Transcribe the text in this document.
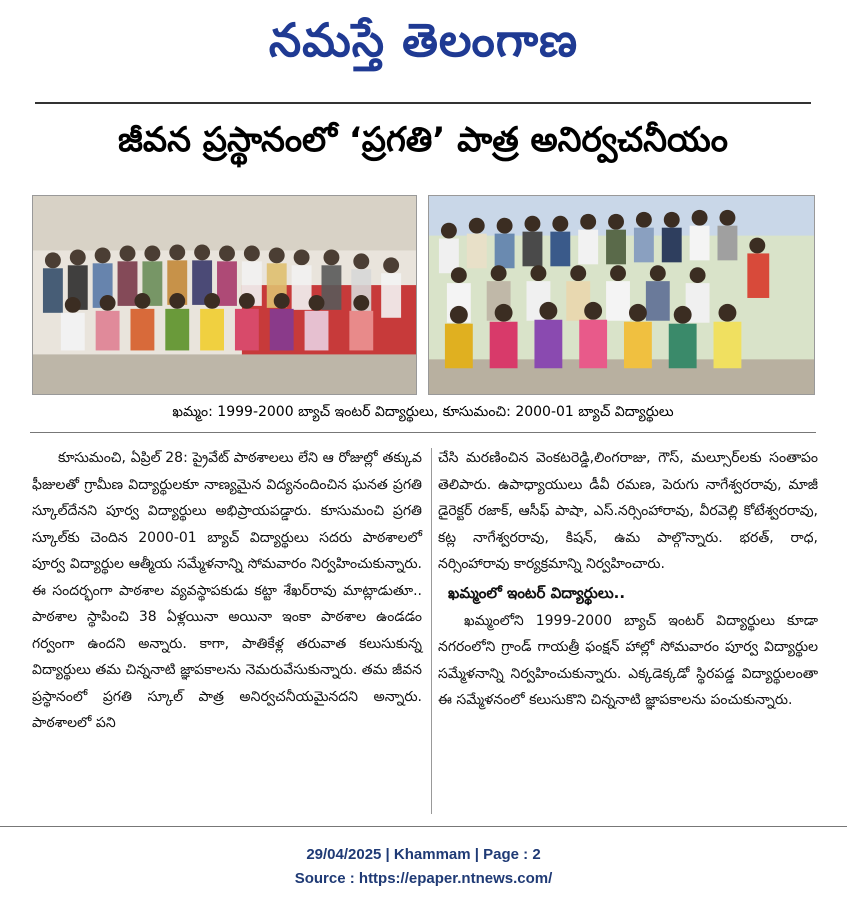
నమస్తే తెలంగాణ
జీవన ప్రస్థానంలో ‘ప్రగతి’ పాత్ర అనిర్వచనీయం
ఖమ్మం: 1999-2000 బ్యాచ్ ఇంటర్ విద్యార్థులు, కూసుమంచి: 2000-01 బ్యాచ్ విద్యార్థులు

కూసుమంచి, ఏప్రిల్ 28: ప్రైవేట్ పాఠశాలలు లేని ఆ రోజుల్లో తక్కువ ఫీజులతో గ్రామీణ విద్యార్థులకూ నాణ్యమైన విద్యనందించిన ఘనత ప్రగతి స్కూల్‌దేనని పూర్వ విద్యార్థులు అభిప్రాయపడ్డారు. కూసుమంచి ప్రగతి స్కూల్‌కు చెందిన 2000-01 బ్యాచ్ విద్యార్థులు సదరు పాఠశాలలో పూర్వ విద్యార్థుల ఆత్మీయ సమ్మేళనాన్ని సోమవారం నిర్వహించుకున్నారు. ఈ సందర్భంగా పాఠశాల వ్యవస్థాపకుడు కట్టా శేఖర్‌రావు మాట్లాడుతూ.. పాఠశాల స్థాపించి 38 ఏళ్లయినా అయినా ఇంకా పాఠశాల ఉండడం గర్వంగా ఉందని అన్నారు. కాగా, పాతికేళ్ల తరువాత కలుసుకున్న విద్యార్థులు తమ చిన్ననాటి జ్ఞాపకాలను నెమరువేసుకున్నారు. తమ జీవన ప్రస్థానంలో ప్రగతి స్కూల్ పాత్ర అనిర్వచనీయమైనదని అన్నారు. పాఠశాలలో పని

చేసి మరణించిన వెంకటరెడ్డి,లింగరాజు, గౌస్, మల్సూర్‌లకు సంతాపం తెలిపారు. ఉపాధ్యాయులు డీవీ రమణ, పెరుగు నాగేశ్వరరావు, మాజీ డైరెక్టర్ రజాక్, ఆసీఫ్ పాషా, ఎస్.నర్సింహారావు, వీరవెల్లి కోటేశ్వరరావు, కట్ల నాగేశ్వరరావు, కిషన్, ఉమ పాల్గొన్నారు. భరత్, రాధ, నర్సింహారావు కార్యక్రమాన్ని నిర్వహించారు.

ఖమ్మంలో ఇంటర్ విద్యార్థులు..

ఖమ్మంలోని 1999-2000 బ్యాచ్ ఇంటర్ విద్యార్థులు కూడా నగరంలోని గ్రాండ్ గాయత్రీ ఫంక్షన్ హాల్లో సోమవారం పూర్వ విద్యార్థుల సమ్మేళనాన్ని నిర్వహించుకున్నారు. ఎక్కడెక్కడో స్థిరపడ్డ విద్యార్థులంతా ఈ సమ్మేళనంలో కలుసుకొని చిన్ననాటి జ్ఞాపకాలను పంచుకున్నారు.

29/04/2025 | Khammam | Page : 2
Source : https://epaper.ntnews.com/
